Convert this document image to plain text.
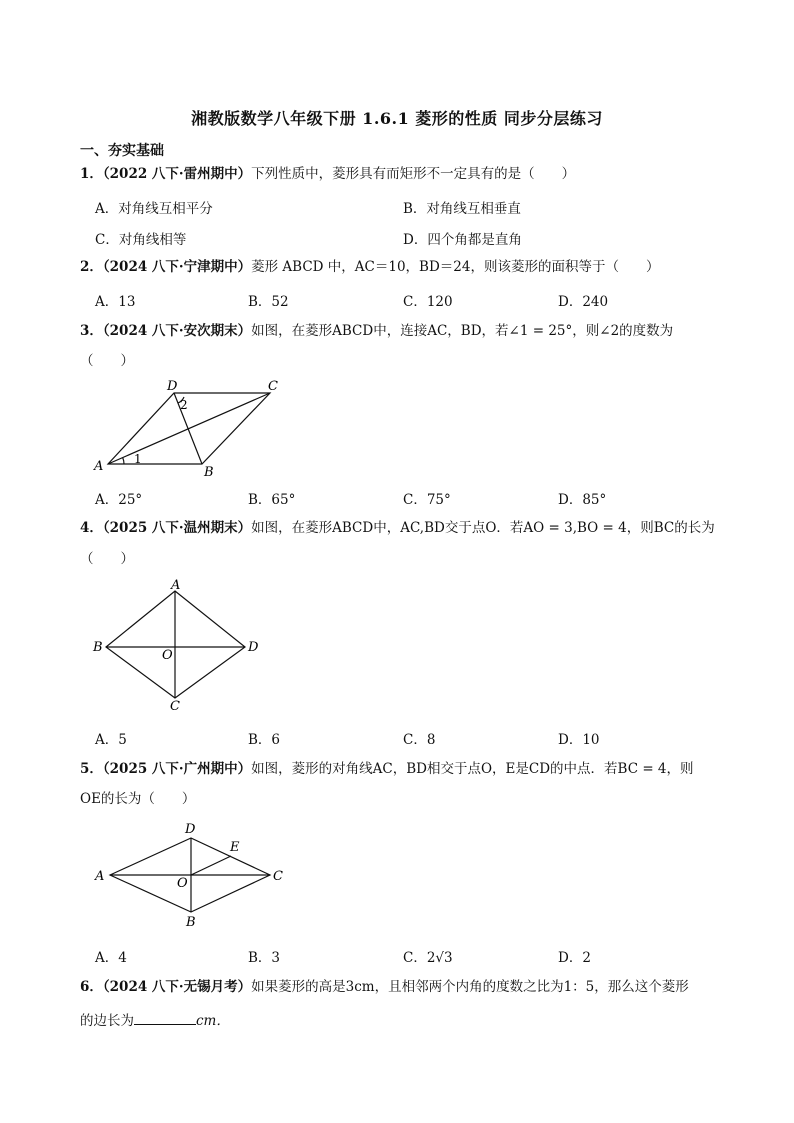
湘教版数学八年级下册 1.6.1 菱形的性质 同步分层练习
一、夯实基础
1．（2022 八下·雷州期中）下列性质中，菱形具有而矩形不一定具有的是（　　）
A．对角线互相平分	B．对角线互相垂直
C．对角线相等	D．四个角都是直角
2．（2024 八下·宁津期中）菱形 ABCD 中，AC＝10，BD＝24，则该菱形的面积等于（　　）
A．13	B．52	C．120	D．240
3．（2024 八下·安次期末）如图，在菱形ABCD中，连接AC，BD，若∠1 = 25°，则∠2的度数为
（　　）
A	B
C
D
1
2
A．25°	B．65°	C．75°	D．85°
4．（2025 八下·温州期末）如图，在菱形ABCD中，AC,BD交于点O．若AO = 3,BO = 4，则BC的长为
（　　）
A
B
C
D
O
A．5	B．6	C．8	D．10
5．（2025 八下·广州期中）如图，菱形的对角线AC，BD相交于点O，E是CD的中点．若BC = 4，则
OE的长为（　　）
A
B
C
D
E
O
A．4	B．3	C．2√3	D．2
6．（2024 八下·无锡月考）如果菱形的高是3cm，且相邻两个内角的度数之比为1：5，那么这个菱形
的边长为	cm．
